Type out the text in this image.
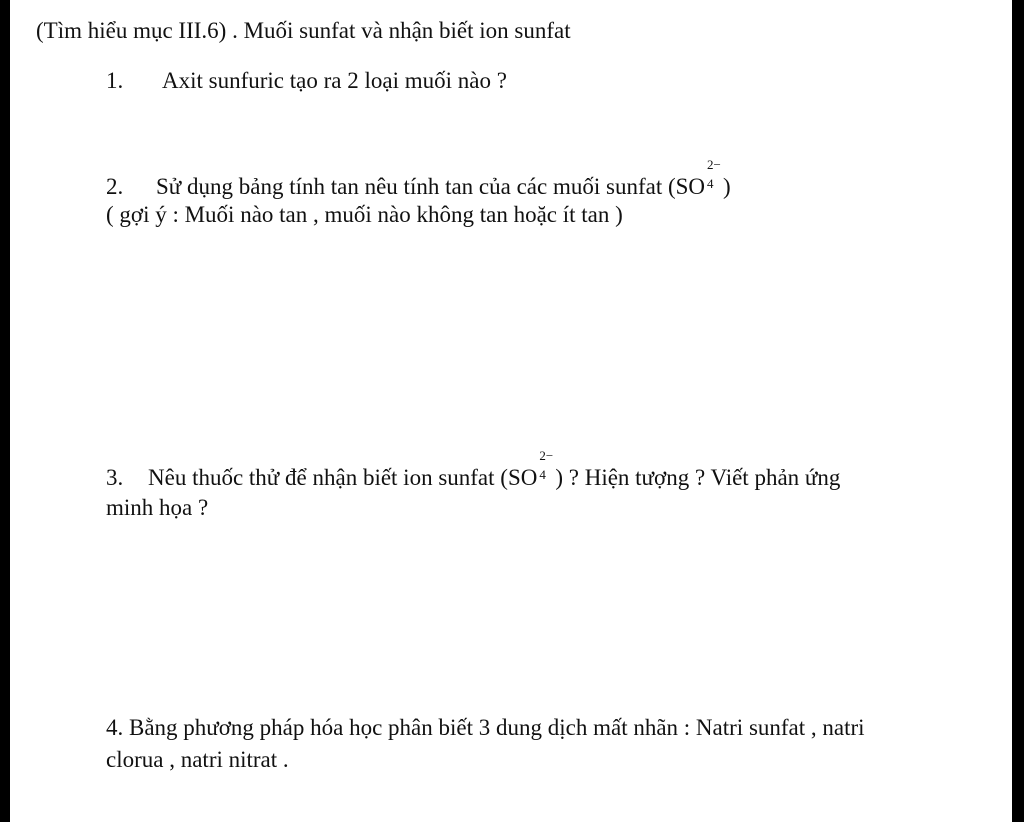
(Tìm hiểu mục III.6) . Muối sunfat và nhận biết ion sunfat
1. Axit sunfuric tạo ra 2 loại muối nào ?
2. Sử dụng bảng tính tan nêu tính tan của các muối sunfat (SO
2−
4 )
( gợi ý : Muối nào tan , muối nào không tan hoặc ít tan )
3. Nêu thuốc thử để nhận biết ion sunfat (SO
2−
4 ) ? Hiện tượng ? Viết phản ứng
minh họa ?
4. Bằng phương pháp hóa học phân biết 3 dung dịch mất nhãn : Natri sunfat , natri
clorua , natri nitrat .
